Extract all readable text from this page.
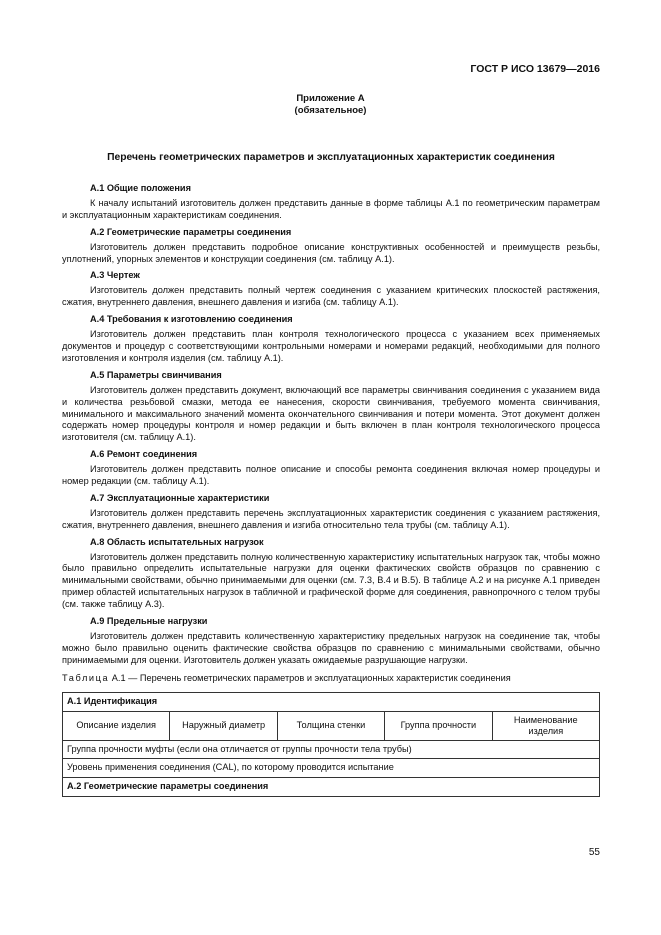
ГОСТ Р ИСО 13679—2016
Приложение А
(обязательное)
Перечень геометрических параметров и эксплуатационных характеристик соединения
А.1 Общие положения
К началу испытаний изготовитель должен представить данные в форме таблицы А.1 по геометрическим параметрам и эксплуатационным характеристикам соединения.
А.2 Геометрические параметры соединения
Изготовитель должен представить подробное описание конструктивных особенностей и преимуществ резьбы, уплотнений, упорных элементов и конструкции соединения (см. таблицу А.1).
А.3 Чертеж
Изготовитель должен представить полный чертеж соединения с указанием критических плоскостей растяжения, сжатия, внутреннего давления, внешнего давления и изгиба (см. таблицу А.1).
А.4 Требования к изготовлению соединения
Изготовитель должен представить план контроля технологического процесса с указанием всех применяемых документов и процедур с соответствующими контрольными номерами и номерами редакций, необходимыми для полного изготовления и контроля изделия (см. таблицу А.1).
А.5 Параметры свинчивания
Изготовитель должен представить документ, включающий все параметры свинчивания соединения с указанием вида и количества резьбовой смазки, метода ее нанесения, скорости свинчивания, требуемого момента свинчивания, минимального и максимального значений момента окончательного свинчивания и потери момента. Этот документ должен содержать номер процедуры контроля и номер редакции и быть включен в план контроля технологического процесса изготовителя (см. таблицу А.1).
А.6 Ремонт соединения
Изготовитель должен представить полное описание и способы ремонта соединения включая номер процедуры и номер редакции (см. таблицу А.1).
А.7 Эксплуатационные характеристики
Изготовитель должен представить перечень эксплуатационных характеристик соединения с указанием растяжения, сжатия, внутреннего давления, внешнего давления и изгиба относительно тела трубы (см. таблицу А.1).
А.8 Область испытательных нагрузок
Изготовитель должен представить полную количественную характеристику испытательных нагрузок так, чтобы можно было правильно определить испытательные нагрузки для оценки фактических свойств образцов по сравнению с минимальными свойствами, обычно принимаемыми для оценки (см. 7.3, В.4 и В.5). В таблице А.2 и на рисунке А.1 приведен пример областей испытательных нагрузок в табличной и графической форме для соединения, равнопрочного с телом трубы (см. также таблицу А.3).
А.9 Предельные нагрузки
Изготовитель должен представить количественную характеристику предельных нагрузок на соединение так, чтобы можно было правильно оценить фактические свойства образцов по сравнению с минимальными свойствами, обычно принимаемыми для оценки. Изготовитель должен указать ожидаемые разрушающие нагрузки.
Таблица А.1 — Перечень геометрических параметров и эксплуатационных характеристик соединения
А.1 Идентификация
Описание изделия	Наружный диаметр	Толщина стенки	Группа прочности	Наименование изделия
Группа прочности муфты (если она отличается от группы прочности тела трубы)
Уровень применения соединения (CAL), по которому проводится испытание
А.2 Геометрические параметры соединения
55
